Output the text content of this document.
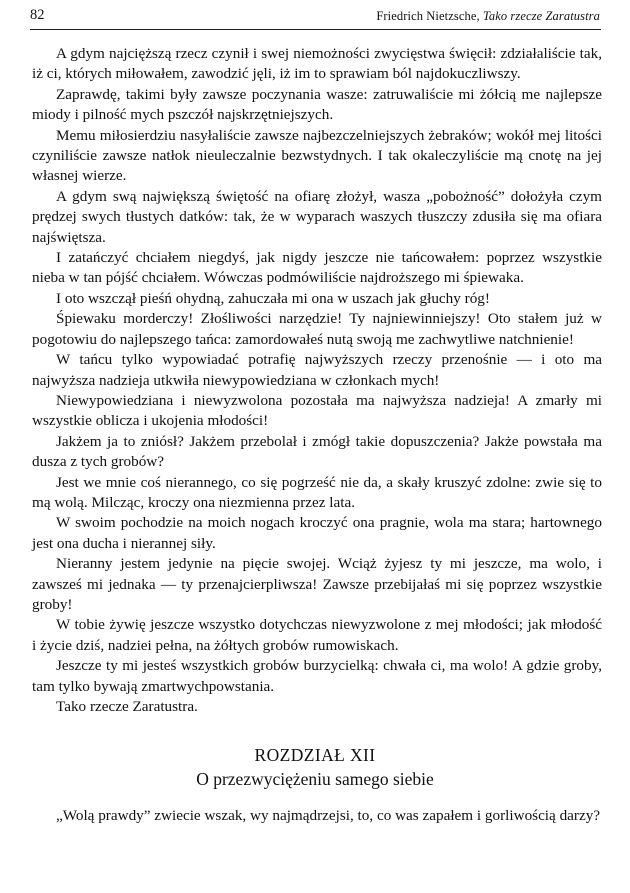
82	Friedrich Nietzsche, Tako rzecze Zaratustra

A gdym najcięższą rzecz czynił i swej niemożności zwycięstwa święcił: zdziałaliście tak, iż ci, których miłowałem, zawodzić jęli, iż im to sprawiam ból najdokuczliwszy.

Zaprawdę, takimi były zawsze poczynania wasze: zatruwaliście mi żółcią me najlepsze miody i pilność mych pszczół najskrzętniejszych.

Memu miłosierdziu nasyłaliście zawsze najbezczelniejszych żebraków; wokół mej litości czyniliście zawsze natłok nieuleczalnie bezwstydnych. I tak okaleczyliście mą cnotę na jej własnej wierze.

A gdym swą największą świętość na ofiarę złożył, wasza „pobożność” dołożyła czym prędzej swych tłustych datków: tak, że w wyparach waszych tłuszczy zdusiła się ma ofiara najświętsza.

I zatańczyć chciałem niegdyś, jak nigdy jeszcze nie tańcowałem: poprzez wszystkie nieba w tan pójść chciałem. Wówczas podmówiliście najdroższego mi śpiewaka.

I oto wszczął pieśń ohydną, zahuczała mi ona w uszach jak głuchy róg!

Śpiewaku morderczy! Złośliwości narzędzie! Ty najniewinniejszy! Oto stałem już w pogotowiu do najlepszego tańca: zamordowałeś nutą swoją me zachwytliwe natchnienie!

W tańcu tylko wypowiadać potrafię najwyższych rzeczy przenośnie — i oto ma najwyższa nadzieja utkwiła niewypowiedziana w członkach mych!

Niewypowiedziana i niewyzwolona pozostała ma najwyższa nadzieja! A zmarły mi wszystkie oblicza i ukojenia młodości!

Jakżem ja to zniósł? Jakżem przebolał i zmógł takie dopuszczenia? Jakże powstała ma dusza z tych grobów?

Jest we mnie coś nierannego, co się pogrześć nie da, a skały kruszyć zdolne: zwie się to mą wolą. Milcząc, kroczy ona niezmienna przez lata.

W swoim pochodzie na moich nogach kroczyć ona pragnie, wola ma stara; hartownego jest ona ducha i nierannej siły.

Nieranny jestem jedynie na pięcie swojej. Wciąż żyjesz ty mi jeszcze, ma wolo, i zawsześ mi jednaka — ty przenajcierpliwsza! Zawsze przebijałaś mi się poprzez wszystkie groby!

W tobie żywię jeszcze wszystko dotychczas niewyzwolone z mej młodości; jak młodość i życie dziś, nadziei pełna, na żółtych grobów rumowiskach.

Jeszcze ty mi jesteś wszystkich grobów burzycielką: chwała ci, ma wolo! A gdzie groby, tam tylko bywają zmartwychpowstania.

Tako rzecze Zaratustra.

ROZDZIAŁ XII
O przezwyciężeniu samego siebie

„Wolą prawdy” zwiecie wszak, wy najmądrzejsi, to, co was zapałem i gorliwością darzy?
